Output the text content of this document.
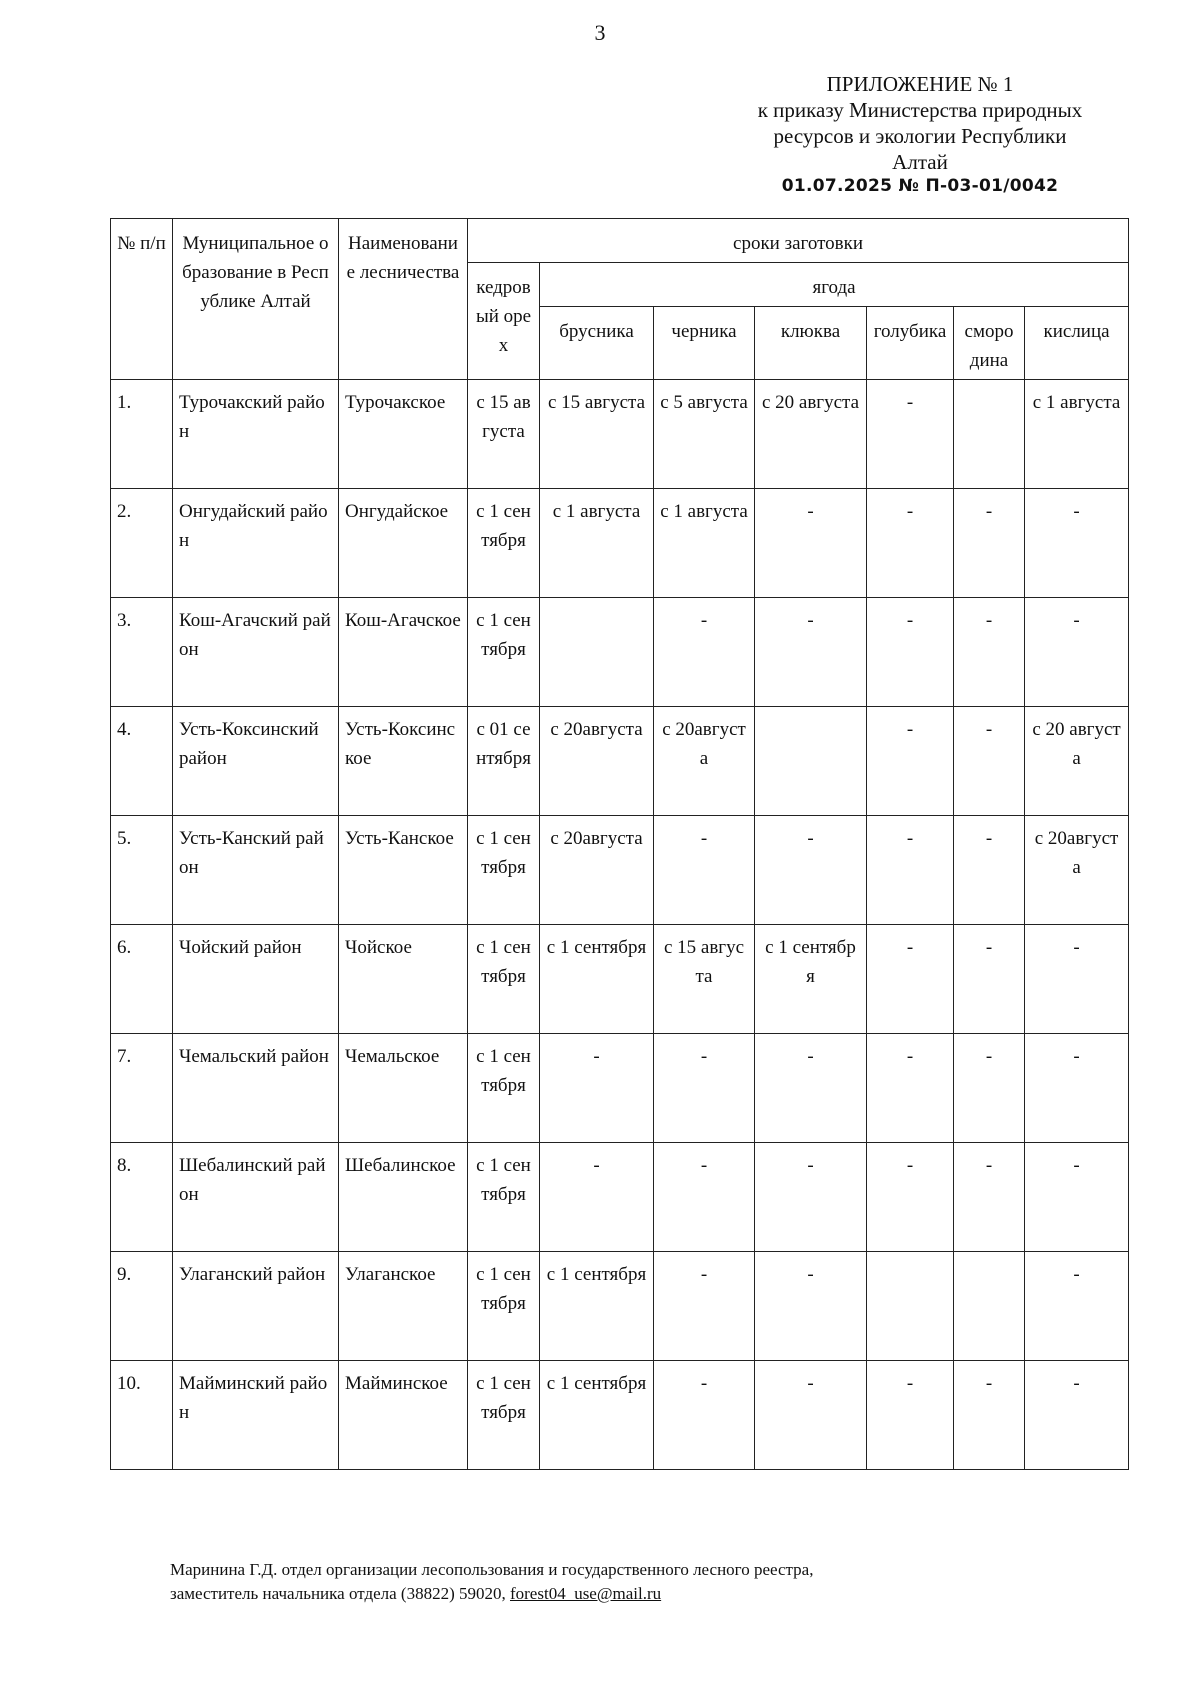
3
ПРИЛОЖЕНИЕ № 1
к приказу Министерства природных
ресурсов и экологии Республики
Алтай
01.07.2025 № П-03-01/0042
№ п/п	Муниципальное образование в Республике Алтай	Наименование лесничества	сроки заготовки						
			кедровый орех	ягода					
				брусника	черника	клюква	голубика	смородина	кислица
1.	Турочакский район	Турочакское	с 15 августа	с 15 августа	с 5 августа	с 20 августа	-		с 1 августа
2.	Онгудайский район	Онгудайское	с 1 сентября	с 1 августа	с 1 августа	-	-	-	-
3.	Кош-Агачский район	Кош-Агачское	с 1 сентября		-	-	-	-	-
4.	Усть-Коксинский район	Усть-Коксинское	с 01 сентября	с 20августа	с 20августа		-	-	с 20 августа
5.	Усть-Канский район	Усть-Канское	с 1 сентября	с 20августа	-	-	-	-	с 20августа
6.	Чойский район	Чойское	с 1 сентября	с 1 сентября	с 15 августа	с 1 сентября	-	-	-
7.	Чемальский район	Чемальское	с 1 сентября	-	-	-	-	-	-
8.	Шебалинский район	Шебалинское	с 1 сентября	-	-	-	-	-	-
9.	Улаганский район	Улаганское	с 1 сентября	с 1 сентября	-	-			-
10.	Майминский район	Майминское	с 1 сентября	с 1 сентября	-	-	-	-	-
Маринина Г.Д. отдел организации лесопользования и государственного лесного реестра,
заместитель начальника отдела (38822) 59020, forest04_use@mail.ru
